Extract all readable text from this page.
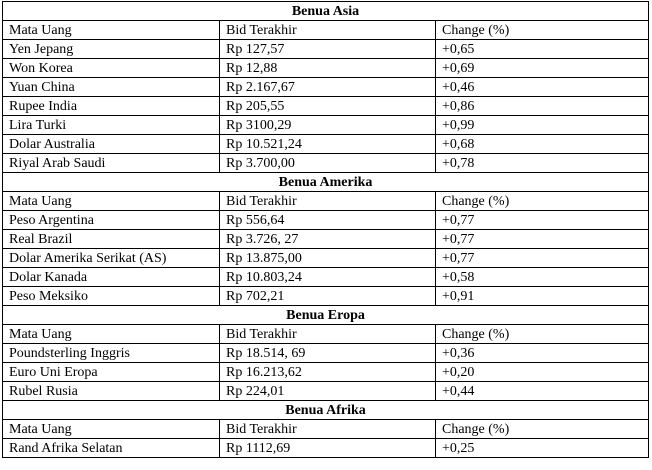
Benua Asia		
Mata Uang	Bid Terakhir	Change (%)
Yen Jepang	Rp 127,57	+0,65
Won Korea	Rp 12,88	+0,69
Yuan China	Rp 2.167,67	+0,46
Rupee India	Rp 205,55	+0,86
Lira Turki	Rp 3100,29	+0,99
Dolar Australia	Rp 10.521,24	+0,68
Riyal Arab Saudi	Rp 3.700,00	+0,78
Benua Amerika		
Mata Uang	Bid Terakhir	Change (%)
Peso Argentina	Rp 556,64	+0,77
Real Brazil	Rp 3.726, 27	+0,77
Dolar Amerika Serikat (AS)	Rp 13.875,00	+0,77
Dolar Kanada	Rp 10.803,24	+0,58
Peso Meksiko	Rp 702,21	+0,91
Benua Eropa		
Mata Uang	Bid Terakhir	Change (%)
Poundsterling Inggris	Rp 18.514, 69	+0,36
Euro Uni Eropa	Rp 16.213,62	+0,20
Rubel Rusia	Rp 224,01	+0,44
Benua Afrika		
Mata Uang	Bid Terakhir	Change (%)
Rand Afrika Selatan	Rp 1112,69	+0,25
